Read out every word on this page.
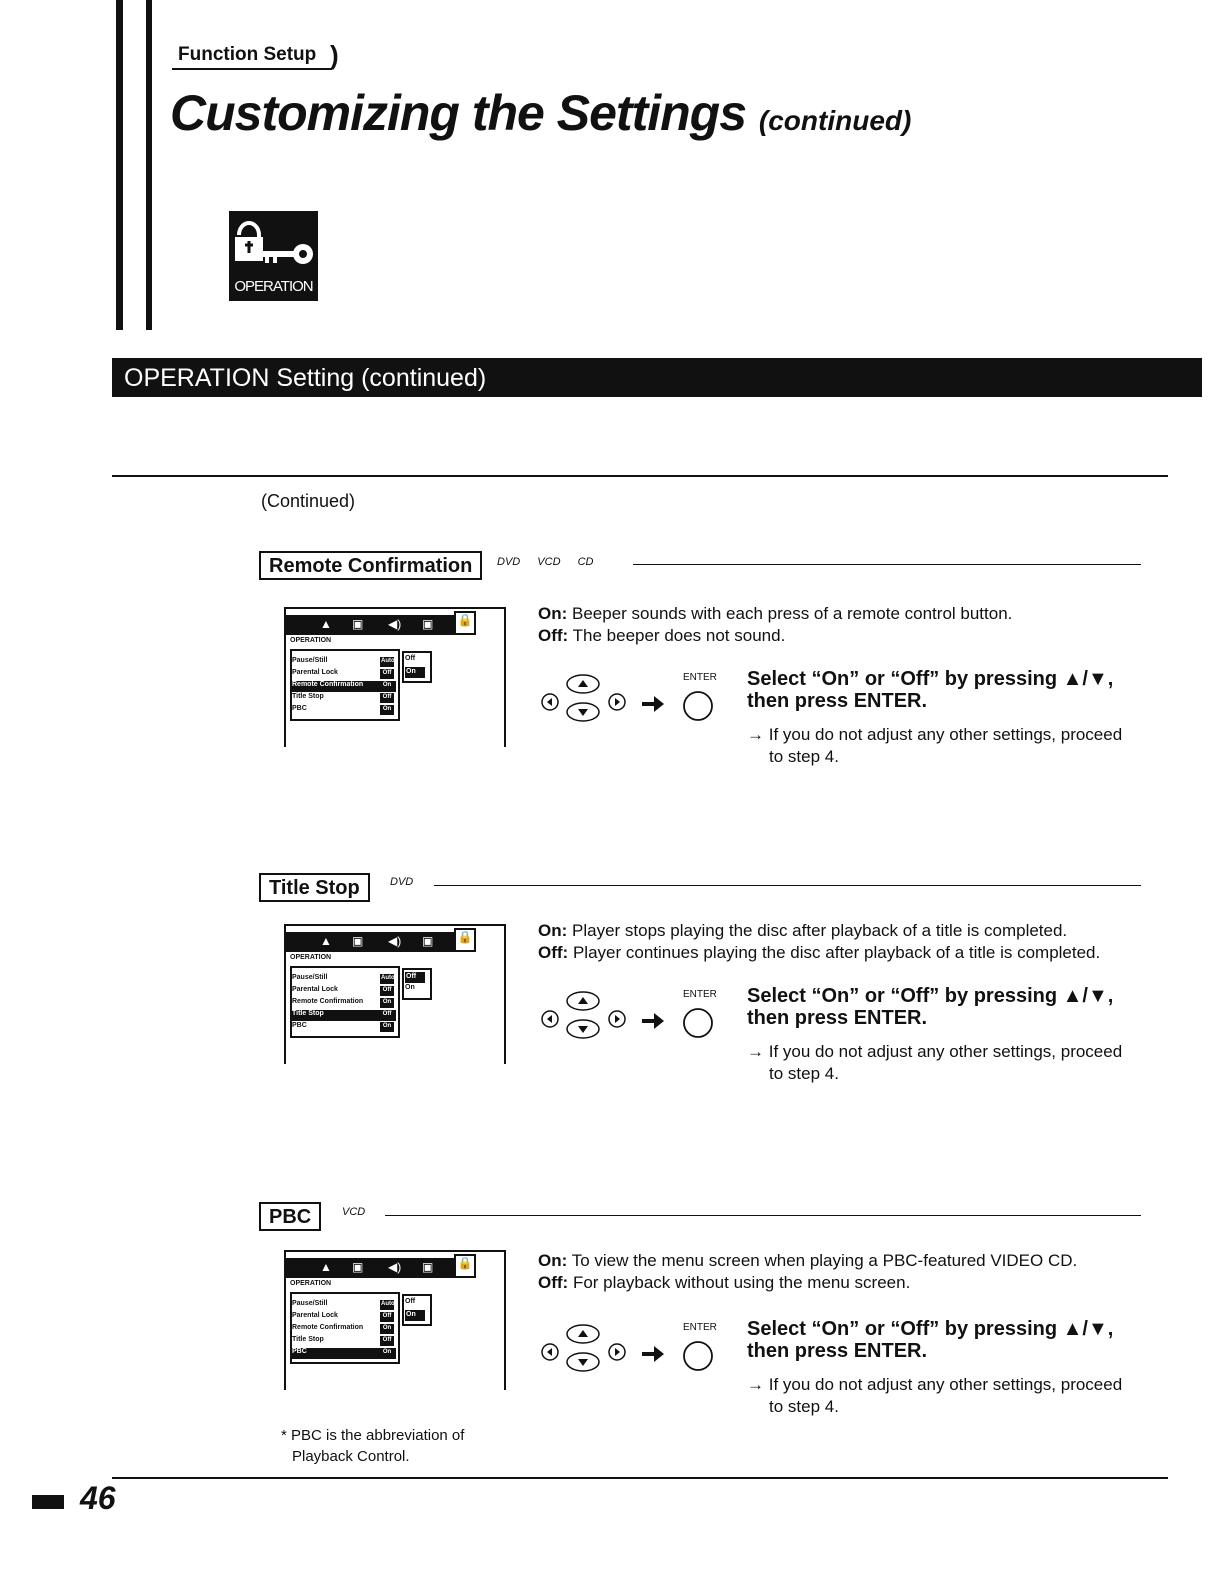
Function Setup )
Customizing the Settings (continued)
OPERATION
OPERATION Setting (continued)
(Continued)
Remote Confirmation	DVD VCD CD
▲ ▣ ◀) ▣ 🔒
OPERATION
Pause/Still	Auto
Parental Lock	Off
Remote Confirmation	On
Title Stop	Off
PBC	On
Off
On
On: Beeper sounds with each press of a remote control button.
Off: The beeper does not sound.
ENTER Select “On” or “Off” by pressing ▲/▼,
then press ENTER.
→ If you do not adjust any other settings, proceed
to step 4.
Title Stop	DVD
▲ ▣ ◀) ▣ 🔒
OPERATION
Pause/Still	Auto
Parental Lock	Off
Remote Confirmation	On
Title Stop	Off
PBC	On
Off
On
On: Player stops playing the disc after playback of a title is completed.
Off: Player continues playing the disc after playback of a title is completed.
ENTER Select “On” or “Off” by pressing ▲/▼,
then press ENTER.
→ If you do not adjust any other settings, proceed
to step 4.
PBC	VCD
▲ ▣ ◀) ▣ 🔒
OPERATION
Pause/Still	Auto
Parental Lock	Off
Remote Confirmation	On
Title Stop	Off
PBC	On
Off
On
On: To view the menu screen when playing a PBC-featured VIDEO CD.
Off: For playback without using the menu screen.
ENTER Select “On” or “Off” by pressing ▲/▼,
then press ENTER.
→ If you do not adjust any other settings, proceed
to step 4.
* PBC is the abbreviation of
Playback Control.
46
